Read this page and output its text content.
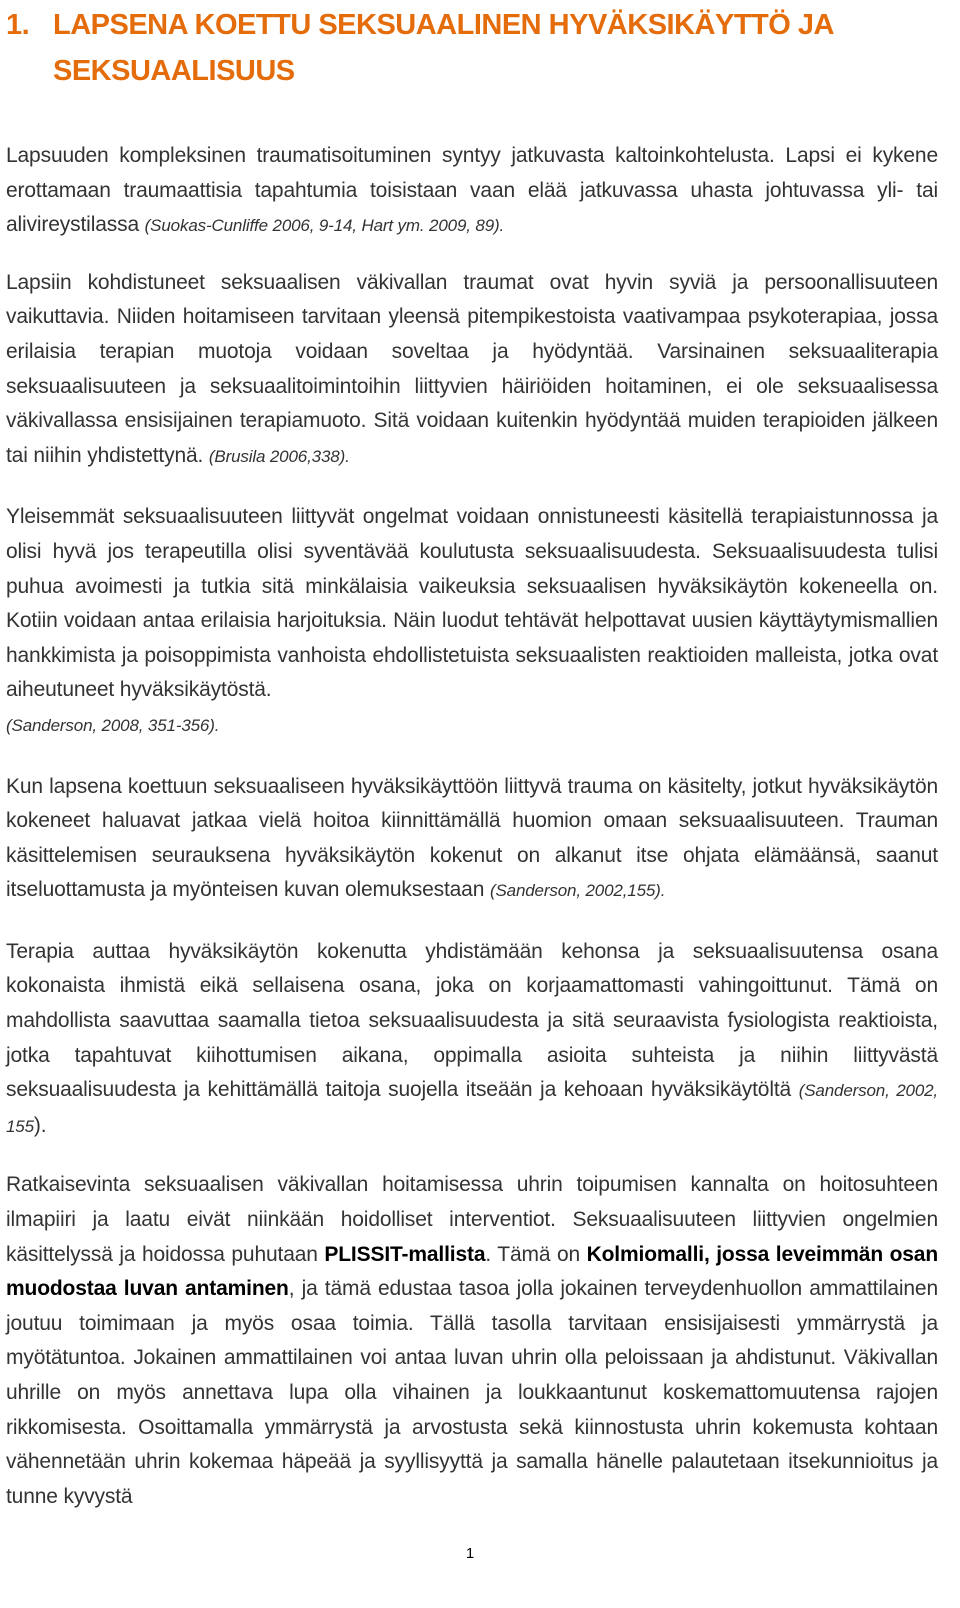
1. LAPSENA KOETTU SEKSUAALINEN HYVÄKSIKÄYTTÖ JA SEKSUAALISUUS

Lapsuuden kompleksinen traumatisoituminen syntyy jatkuvasta kaltoinkohtelusta. Lapsi ei kykene erottamaan traumaattisia tapahtumia toisistaan vaan elää jatkuvassa uhasta johtuvassa yli- tai alivireystilassa (Suokas-Cunliffe 2006, 9-14, Hart ym. 2009, 89).

Lapsiin kohdistuneet seksuaalisen väkivallan traumat ovat hyvin syviä ja persoonallisuuteen vaikuttavia. Niiden hoitamiseen tarvitaan yleensä pitempikestoista vaativampaa psykoterapiaa, jossa erilaisia terapian muotoja voidaan soveltaa ja hyödyntää. Varsinainen seksuaaliterapia seksuaalisuuteen ja seksuaalitoimintoihin liittyvien häiriöiden hoitaminen, ei ole seksuaalisessa väkivallassa ensisijainen terapiamuoto. Sitä voidaan kuitenkin hyödyntää muiden terapioiden jälkeen tai niihin yhdistettynä. (Brusila 2006,338).

Yleisemmät seksuaalisuuteen liittyvät ongelmat voidaan onnistuneesti käsitellä terapiaistunnossa ja olisi hyvä jos terapeutilla olisi syventävää koulutusta seksuaalisuudesta. Seksuaalisuudesta tulisi puhua avoimesti ja tutkia sitä minkälaisia vaikeuksia seksuaalisen hyväksikäytön kokeneella on. Kotiin voidaan antaa erilaisia harjoituksia. Näin luodut tehtävät helpottavat uusien käyttäytymismallien hankkimista ja poisoppimista vanhoista ehdollistetuista seksuaalisten reaktioiden malleista, jotka ovat aiheutuneet hyväksikäytöstä.
(Sanderson, 2008, 351-356).

Kun lapsena koettuun seksuaaliseen hyväksikäyttöön liittyvä trauma on käsitelty, jotkut hyväksikäytön kokeneet haluavat jatkaa vielä hoitoa kiinnittämällä huomion omaan seksuaalisuuteen. Trauman käsittelemisen seurauksena hyväksikäytön kokenut on alkanut itse ohjata elämäänsä, saanut itseluottamusta ja myönteisen kuvan olemuksestaan (Sanderson, 2002,155).

Terapia auttaa hyväksikäytön kokenutta yhdistämään kehonsa ja seksuaalisuutensa osana kokonaista ihmistä eikä sellaisena osana, joka on korjaamattomasti vahingoittunut. Tämä on mahdollista saavuttaa saamalla tietoa seksuaalisuudesta ja sitä seuraavista fysiologista reaktioista, jotka tapahtuvat kiihottumisen aikana, oppimalla asioita suhteista ja niihin liittyvästä seksuaalisuudesta ja kehittämällä taitoja suojella itseään ja kehoaan hyväksikäytöltä (Sanderson, 2002, 155).

Ratkaisevinta seksuaalisen väkivallan hoitamisessa uhrin toipumisen kannalta on hoitosuhteen ilmapiiri ja laatu eivät niinkään hoidolliset interventiot. Seksuaalisuuteen liittyvien ongelmien käsittelyssä ja hoidossa puhutaan PLISSIT-mallista. Tämä on Kolmiomalli, jossa leveimmän osan muodostaa luvan antaminen, ja tämä edustaa tasoa jolla jokainen terveydenhuollon ammattilainen joutuu toimimaan ja myös osaa toimia. Tällä tasolla tarvitaan ensisijaisesti ymmärrystä ja myötätuntoa. Jokainen ammattilainen voi antaa luvan uhrin olla peloissaan ja ahdistunut. Väkivallan uhrille on myös annettava lupa olla vihainen ja loukkaantunut koskemattomuutensa rajojen rikkomisesta. Osoittamalla ymmärrystä ja arvostusta sekä kiinnostusta uhrin kokemusta kohtaan vähennetään uhrin kokemaa häpeää ja syyllisyyttä ja samalla hänelle palautetaan itsekunnioitus ja tunne kyvystä

1
